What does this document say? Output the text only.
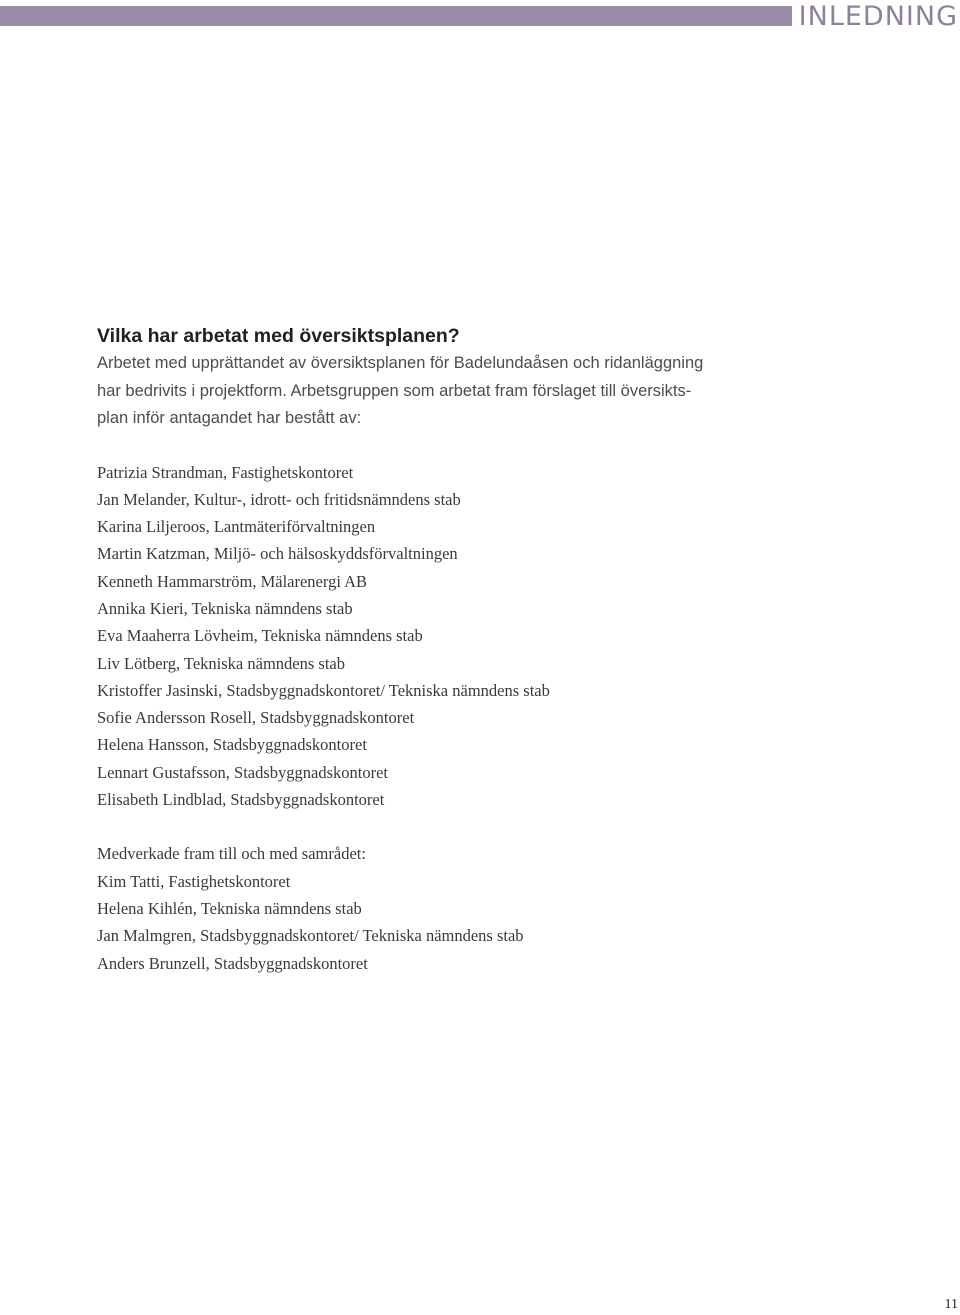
INLEDNING
Vilka har arbetat med översiktsplanen?

Arbetet med upprättandet av översiktsplanen för Badelundaåsen och ridanläggning
har bedrivits i projektform. Arbetsgruppen som arbetat fram förslaget till översikts-
plan inför antagandet har bestått av:

Patrizia Strandman, Fastighetskontoret
Jan Melander, Kultur-, idrott- och fritidsnämndens stab
Karina Liljeroos, Lantmäteriförvaltningen
Martin Katzman, Miljö- och hälsoskyddsförvaltningen
Kenneth Hammarström, Mälarenergi AB
Annika Kieri, Tekniska nämndens stab
Eva Maaherra Lövheim, Tekniska nämndens stab
Liv Lötberg, Tekniska nämndens stab
Kristoffer Jasinski, Stadsbyggnadskontoret/ Tekniska nämndens stab
Sofie Andersson Rosell, Stadsbyggnadskontoret
Helena Hansson, Stadsbyggnadskontoret
Lennart Gustafsson, Stadsbyggnadskontoret
Elisabeth Lindblad, Stadsbyggnadskontoret
Medverkade fram till och med samrådet:
Kim Tatti, Fastighetskontoret
Helena Kihlén, Tekniska nämndens stab
Jan Malmgren, Stadsbyggnadskontoret/ Tekniska nämndens stab
Anders Brunzell, Stadsbyggnadskontoret
11
